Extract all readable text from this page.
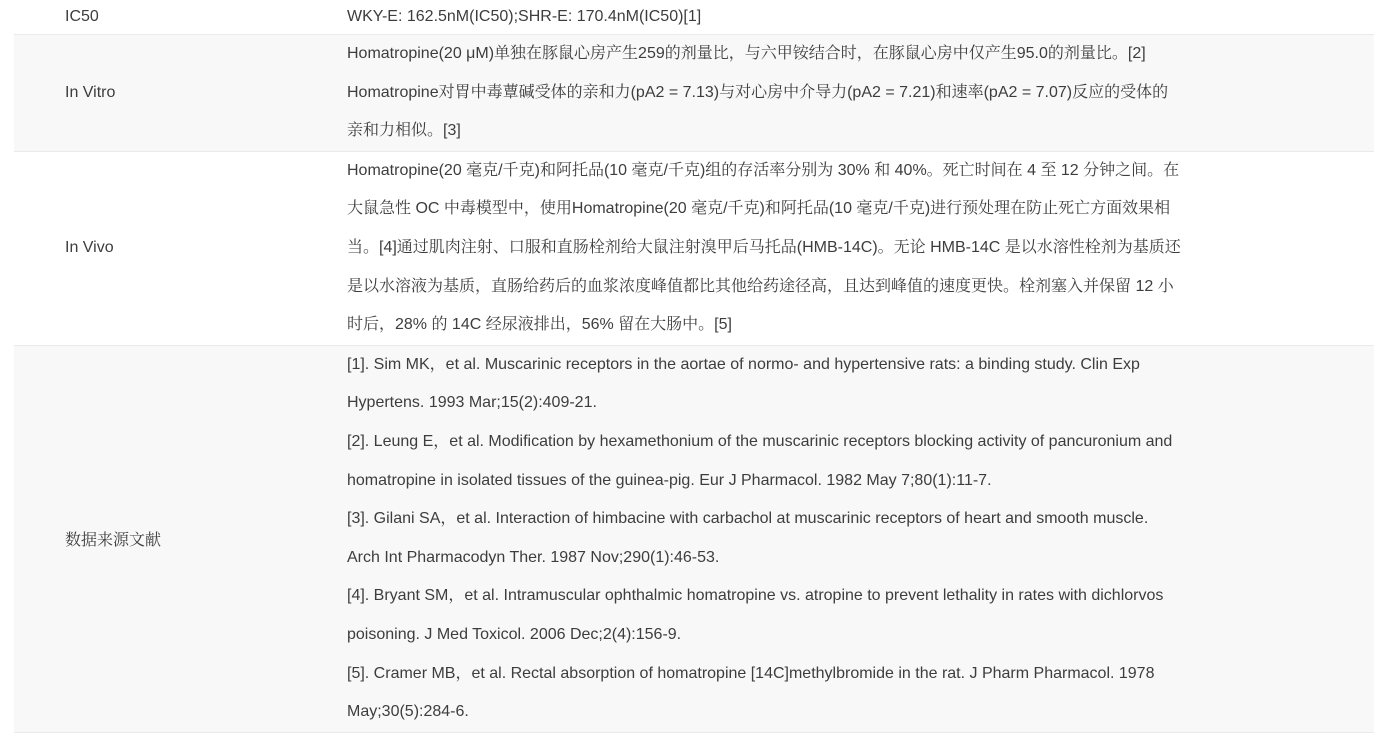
IC50	WKY-E: 162.5nM(IC50);SHR-E: 170.4nM(IC50)[1]
In Vitro
Homatropine(20 μM)单独在豚鼠心房产生259的剂量比，与六甲铵结合时，在豚鼠心房中仅产生95.0的剂量比。[2]
Homatropine对胃中毒蕈碱受体的亲和力(pA2 = 7.13)与对心房中介导力(pA2 = 7.21)和速率(pA2 = 7.07)反应的受体的
亲和力相似。[3]
In Vivo
Homatropine(20 毫克/千克)和阿托品(10 毫克/千克)组的存活率分别为 30% 和 40%。死亡时间在 4 至 12 分钟之间。在
大鼠急性 OC 中毒模型中，使用Homatropine(20 毫克/千克)和阿托品(10 毫克/千克)进行预处理在防止死亡方面效果相
当。[4]通过肌肉注射、口服和直肠栓剂给大鼠注射溴甲后马托品(HMB-14C)。无论 HMB-14C 是以水溶性栓剂为基质还
是以水溶液为基质，直肠给药后的血浆浓度峰值都比其他给药途径高，且达到峰值的速度更快。栓剂塞入并保留 12 小
时后，28% 的 14C 经尿液排出，56% 留在大肠中。[5]
数据来源文献
[1]. Sim MK，et al. Muscarinic receptors in the aortae of normo- and hypertensive rats: a binding study. Clin Exp
Hypertens. 1993 Mar;15(2):409-21.
[2]. Leung E，et al. Modification by hexamethonium of the muscarinic receptors blocking activity of pancuronium and
homatropine in isolated tissues of the guinea-pig. Eur J Pharmacol. 1982 May 7;80(1):11-7.
[3]. Gilani SA，et al. Interaction of himbacine with carbachol at muscarinic receptors of heart and smooth muscle.
Arch Int Pharmacodyn Ther. 1987 Nov;290(1):46-53.
[4]. Bryant SM，et al. Intramuscular ophthalmic homatropine vs. atropine to prevent lethality in rates with dichlorvos
poisoning. J Med Toxicol. 2006 Dec;2(4):156-9.
[5]. Cramer MB，et al. Rectal absorption of homatropine [14C]methylbromide in the rat. J Pharm Pharmacol. 1978
May;30(5):284-6.
